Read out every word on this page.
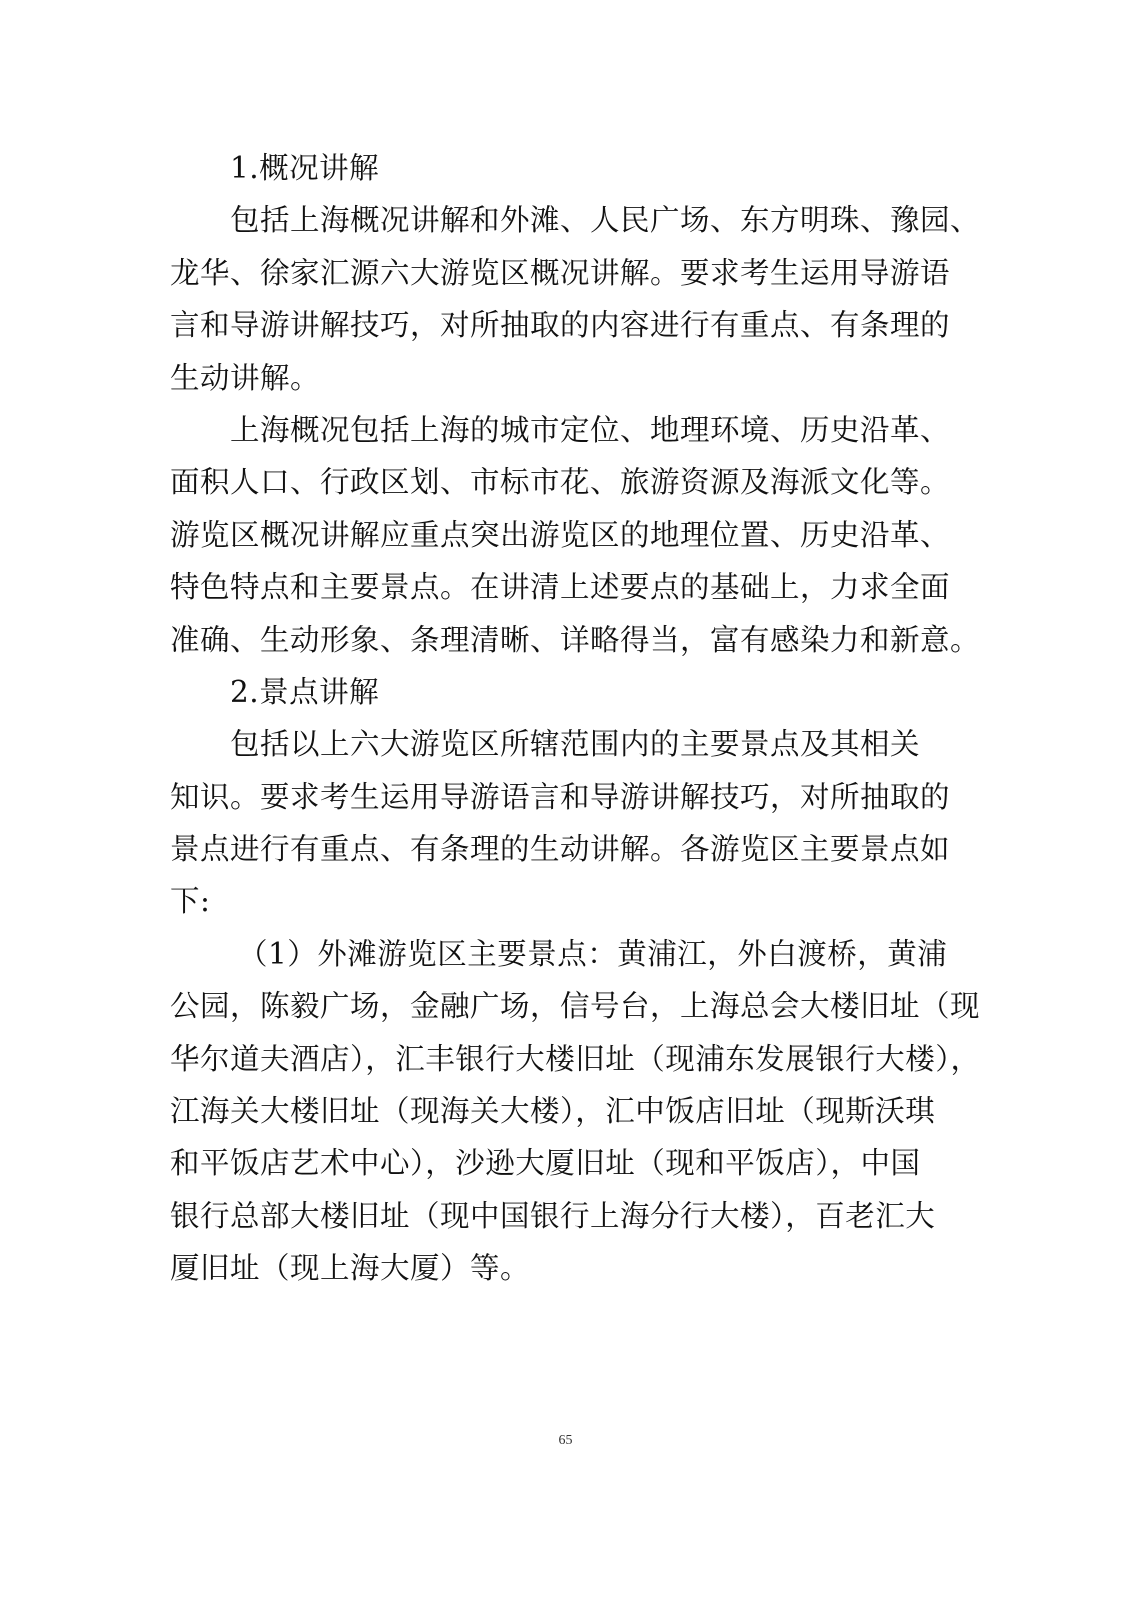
1.概况讲解
包括上海概况讲解和外滩、人民广场、东方明珠、豫园、
龙华、徐家汇源六大游览区概况讲解。要求考生运用导游语
言和导游讲解技巧，对所抽取的内容进行有重点、有条理的
生动讲解。
上海概况包括上海的城市定位、地理环境、历史沿革、
面积人口、行政区划、市标市花、旅游资源及海派文化等。
游览区概况讲解应重点突出游览区的地理位置、历史沿革、
特色特点和主要景点。在讲清上述要点的基础上，力求全面
准确、生动形象、条理清晰、详略得当，富有感染力和新意。
2.景点讲解
包括以上六大游览区所辖范围内的主要景点及其相关
知识。要求考生运用导游语言和导游讲解技巧，对所抽取的
景点进行有重点、有条理的生动讲解。各游览区主要景点如
下:
（1）外滩游览区主要景点：黄浦江，外白渡桥，黄浦
公园，陈毅广场，金融广场，信号台，上海总会大楼旧址（现
华尔道夫酒店），汇丰银行大楼旧址（现浦东发展银行大楼），
江海关大楼旧址（现海关大楼），汇中饭店旧址（现斯沃琪
和平饭店艺术中心），沙逊大厦旧址（现和平饭店），中国
银行总部大楼旧址（现中国银行上海分行大楼），百老汇大
厦旧址（现上海大厦）等。
65
